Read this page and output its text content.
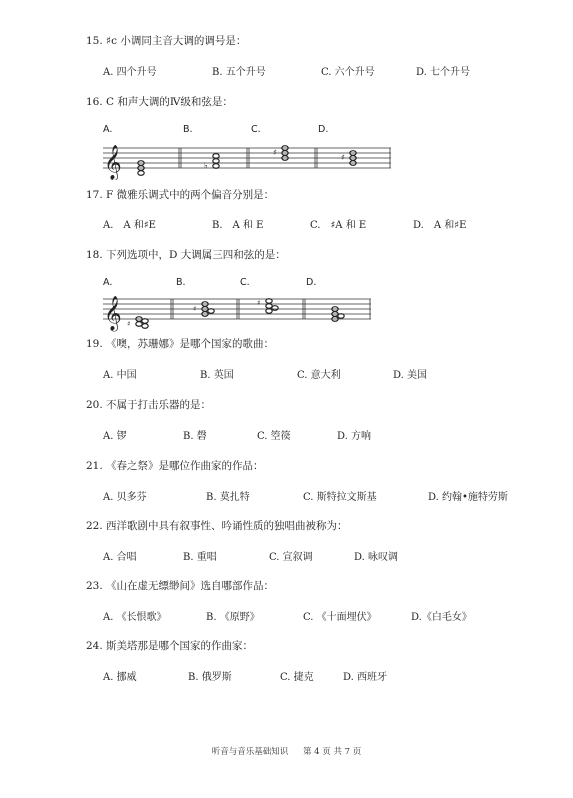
15. ♯c 小调同主音大调的调号是：
A. 四个升号	B. 五个升号	C. 六个升号	D. 七个升号
16. C 和声大调的Ⅳ级和弦是：
A.	B.	C.	D.
𝄞	♭
♯
♯
17. F 微雅乐调式中的两个偏音分别是：
A.　A 和♯E	B.　A 和 E	C.　♯A 和 E	D.　A 和♯E
18. 下列选项中，D 大调属三四和弦的是：
A.	B.	C.	D.
𝄞 ♯
♯
♯
19. 《噢，苏珊娜》是哪个国家的歌曲：
A. 中国	B. 英国	C. 意大利	D. 美国
20. 不属于打击乐器的是：
A. 锣	B. 磬	C. 箜篌	D. 方响
21. 《春之祭》是哪位作曲家的作品：
A. 贝多芬	B. 莫扎特	C. 斯特拉文斯基	D. 约翰•施特劳斯
22. 西洋歌剧中具有叙事性、吟诵性质的独唱曲被称为：
A. 合唱	B. 重唱	C. 宣叙调	D. 咏叹调
23. 《山在虚无缥缈间》选自哪部作品：
A. 《长恨歌》	B. 《原野》	C. 《十面埋伏》	D.《白毛女》
24. 斯美塔那是哪个国家的作曲家：
A. 挪威	B. 俄罗斯	C. 捷克	D. 西班牙
听音与音乐基础知识 第 4 页 共 7 页
